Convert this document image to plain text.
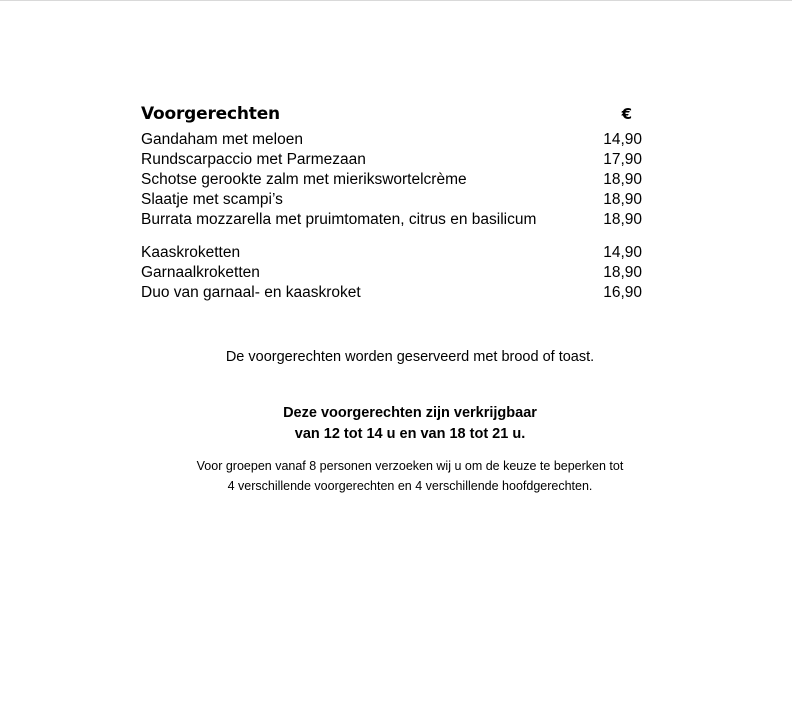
Voorgerechten	€
Gandaham met meloen	14,90
Rundscarpaccio met Parmezaan	17,90
Schotse gerookte zalm met mierikswortelcrème	18,90
Slaatje met scampi’s	18,90
Burrata mozzarella met pruimtomaten, citrus en basilicum	18,90
Kaaskroketten	14,90
Garnaalkroketten	18,90
Duo van garnaal- en kaaskroket	16,90

De voorgerechten worden geserveerd met brood of toast.

Deze voorgerechten zijn verkrijgbaar
van 12 tot 14 u en van 18 tot 21 u.

Voor groepen vanaf 8 personen verzoeken wij u om de keuze te beperken tot
4 verschillende voorgerechten en 4 verschillende hoofdgerechten.
